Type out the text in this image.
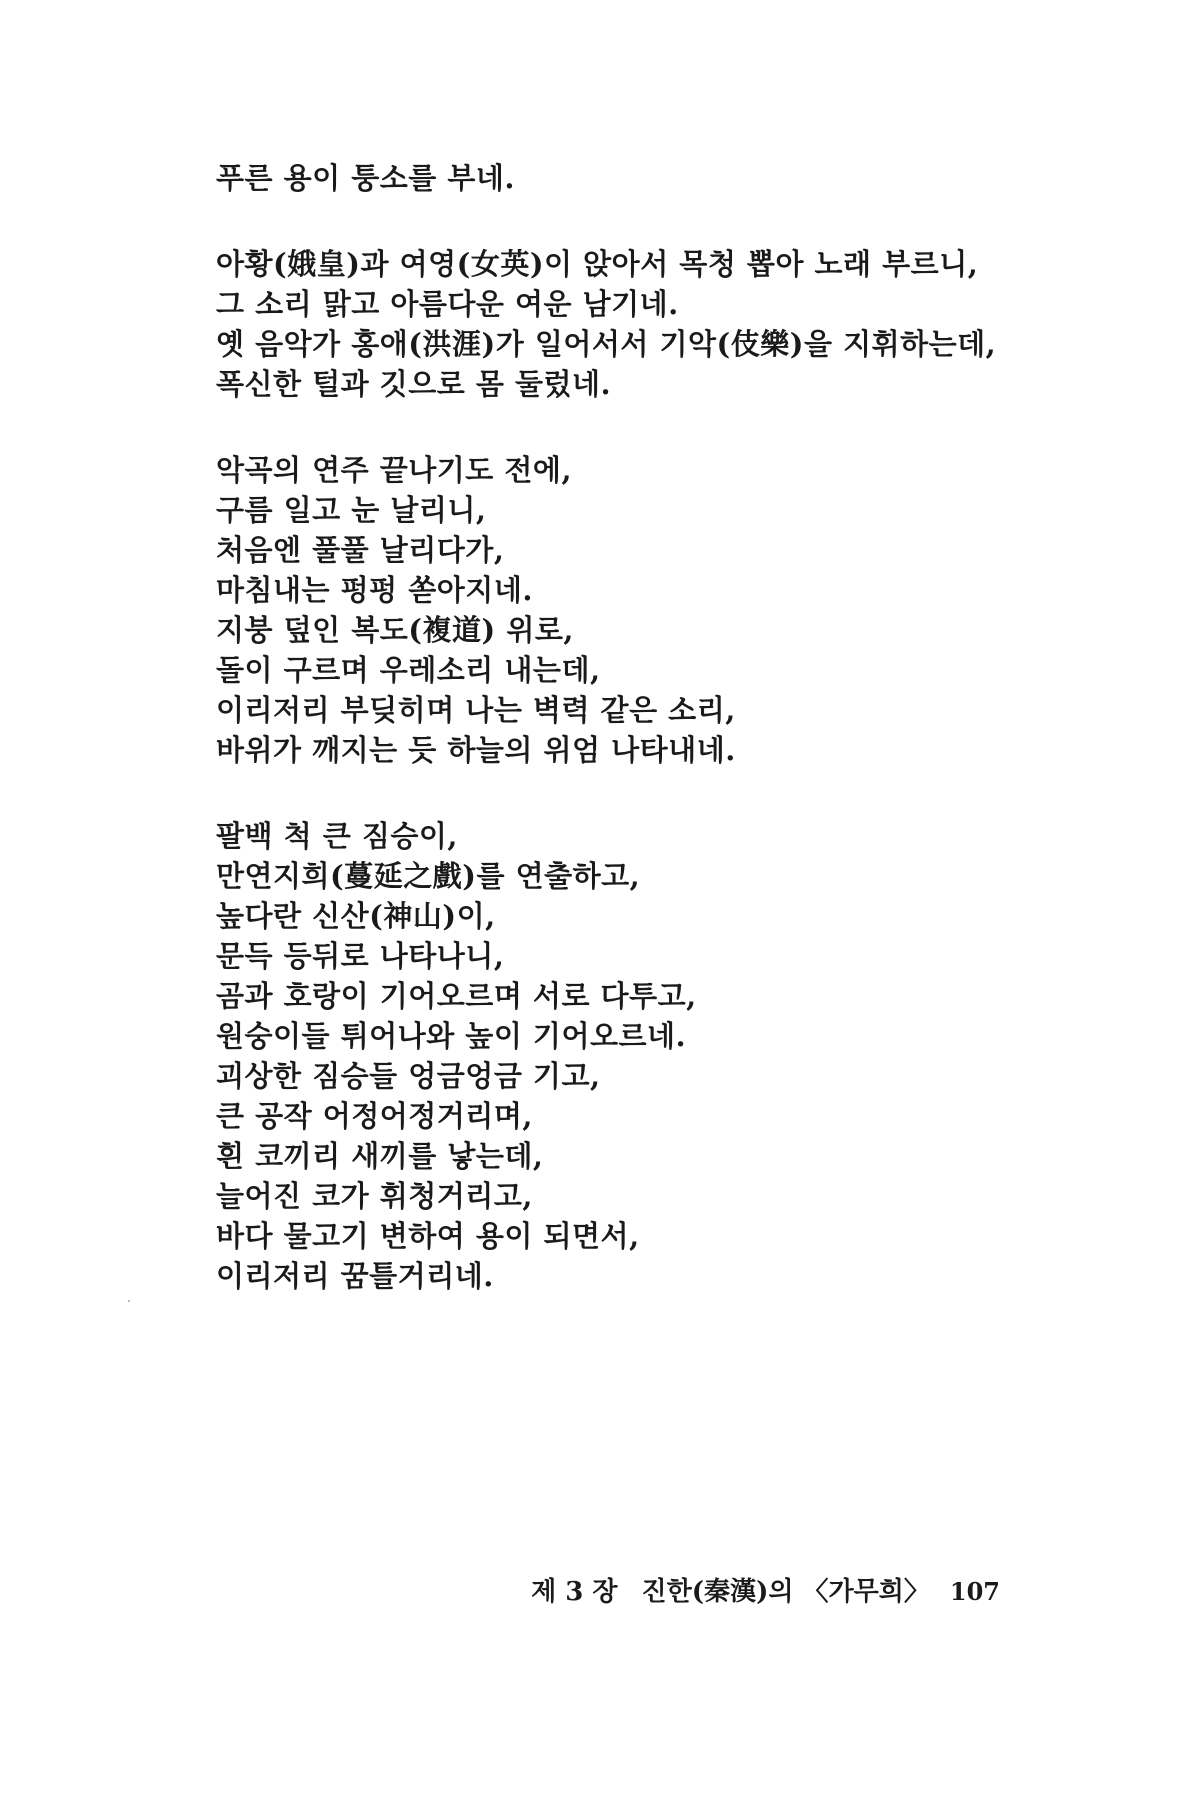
푸른 용이 퉁소를 부네.
아황(娥皇)과 여영(女英)이 앉아서 목청 뽑아 노래 부르니,
그 소리 맑고 아름다운 여운 남기네.
옛 음악가 홍애(洪涯)가 일어서서 기악(伎樂)을 지휘하는데,
폭신한 털과 깃으로 몸 둘렀네.
악곡의 연주 끝나기도 전에,
구름 일고 눈 날리니,
처음엔 풀풀 날리다가,
마침내는 펑펑 쏟아지네.
지붕 덮인 복도(複道) 위로,
돌이 구르며 우레소리 내는데,
이리저리 부딪히며 나는 벽력 같은 소리,
바위가 깨지는 듯 하늘의 위엄 나타내네.
팔백 척 큰 짐승이,
만연지희(蔓延之戲)를 연출하고,
높다란 신산(神山)이,
문득 등뒤로 나타나니,
곰과 호랑이 기어오르며 서로 다투고,
원숭이들 튀어나와 높이 기어오르네.
괴상한 짐승들 엉금엉금 기고,
큰 공작 어정어정거리며,
흰 코끼리 새끼를 낳는데,
늘어진 코가 휘청거리고,
바다 물고기 변하여 용이 되면서,
이리저리 꿈틀거리네.
제 3 장 진한(秦漢)의 〈가무희〉 107
